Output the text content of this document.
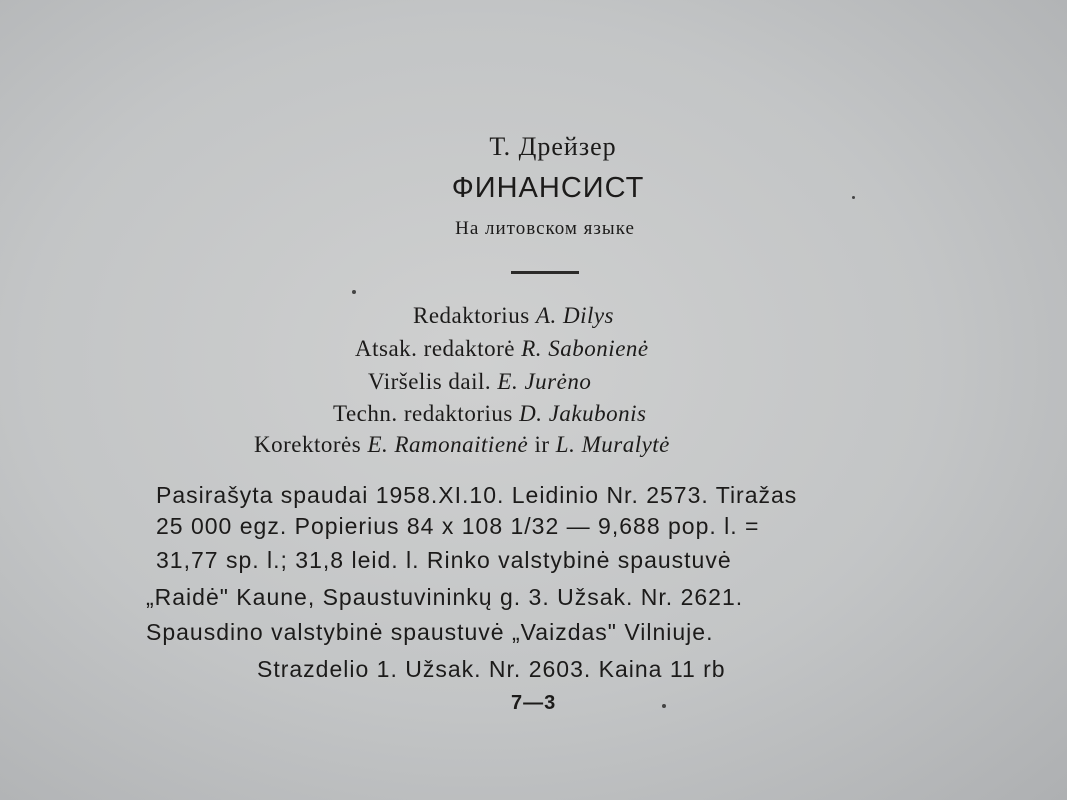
Т. Дрейзер
ФИНАНСИСТ
На литовском языке
Redaktorius A. Dilys
Atsak. redaktorė R. Sabonienė
Viršelis dail. E. Jurėno
Techn. redaktorius D. Jakubonis
Korektorės E. Ramonaitienė ir L. Muralytė
Pasirašyta spaudai 1958.XI.10. Leidinio Nr. 2573. Tiražas
25 000 egz. Popierius 84 x 108 1/32 — 9,688 pop. l. =
31,77 sp. l.; 31,8 leid. l. Rinko valstybinė spaustuvė
„Raidė" Kaune, Spaustuvininkų g. 3. Užsak. Nr. 2621.
Spausdino valstybinė spaustuvė „Vaizdas" Vilniuje.
Strazdelio 1. Užsak. Nr. 2603. Kaina 11 rb
7—3
